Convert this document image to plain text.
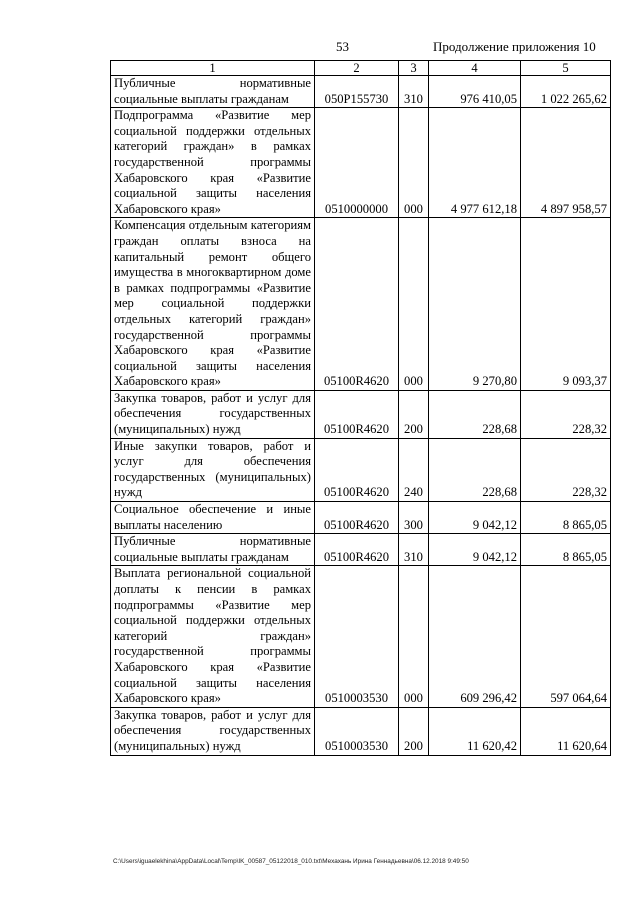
53	Продолжение приложения 10
1	2	3	4	5
Публичные нормативные социальные выплаты гражданам	050Р155730	310	976 410,05	1 022 265,62
Подпрограмма «Развитие мер социальной поддержки отдельных категорий граждан» в рамках государственной программы Хабаровского края «Развитие социальной защиты населения Хабаровского края»	0510000000	000	4 977 612,18	4 897 958,57
Компенсация отдельным категориям граждан оплаты взноса на капитальный ремонт общего имущества в многоквартирном доме в рамках подпрограммы «Развитие мер социальной поддержки отдельных категорий граждан» государственной программы Хабаровского края «Развитие социальной защиты населения Хабаровского края»	05100R4620	000	9 270,80	9 093,37
Закупка товаров, работ и услуг для обеспечения государственных (муниципальных) нужд	05100R4620	200	228,68	228,32
Иные закупки товаров, работ и услуг для обеспечения государственных (муниципальных) нужд	05100R4620	240	228,68	228,32
Социальное обеспечение и иные выплаты населению	05100R4620	300	9 042,12	8 865,05
Публичные нормативные социальные выплаты гражданам	05100R4620	310	9 042,12	8 865,05
Выплата региональной социальной доплаты к пенсии в рамках подпрограммы «Развитие мер социальной поддержки отдельных категорий граждан» государственной программы Хабаровского края «Развитие социальной защиты населения Хабаровского края»	0510003530	000	609 296,42	597 064,64
Закупка товаров, работ и услуг для обеспечения государственных (муниципальных) нужд	0510003530	200	11 620,42	11 620,64
C:\Users\iguaelekhina\AppData\Local\Temp\IK_00587_05122018_010.txt\Мехахань Ирина Геннадьевна\06.12.2018 9:49:50
